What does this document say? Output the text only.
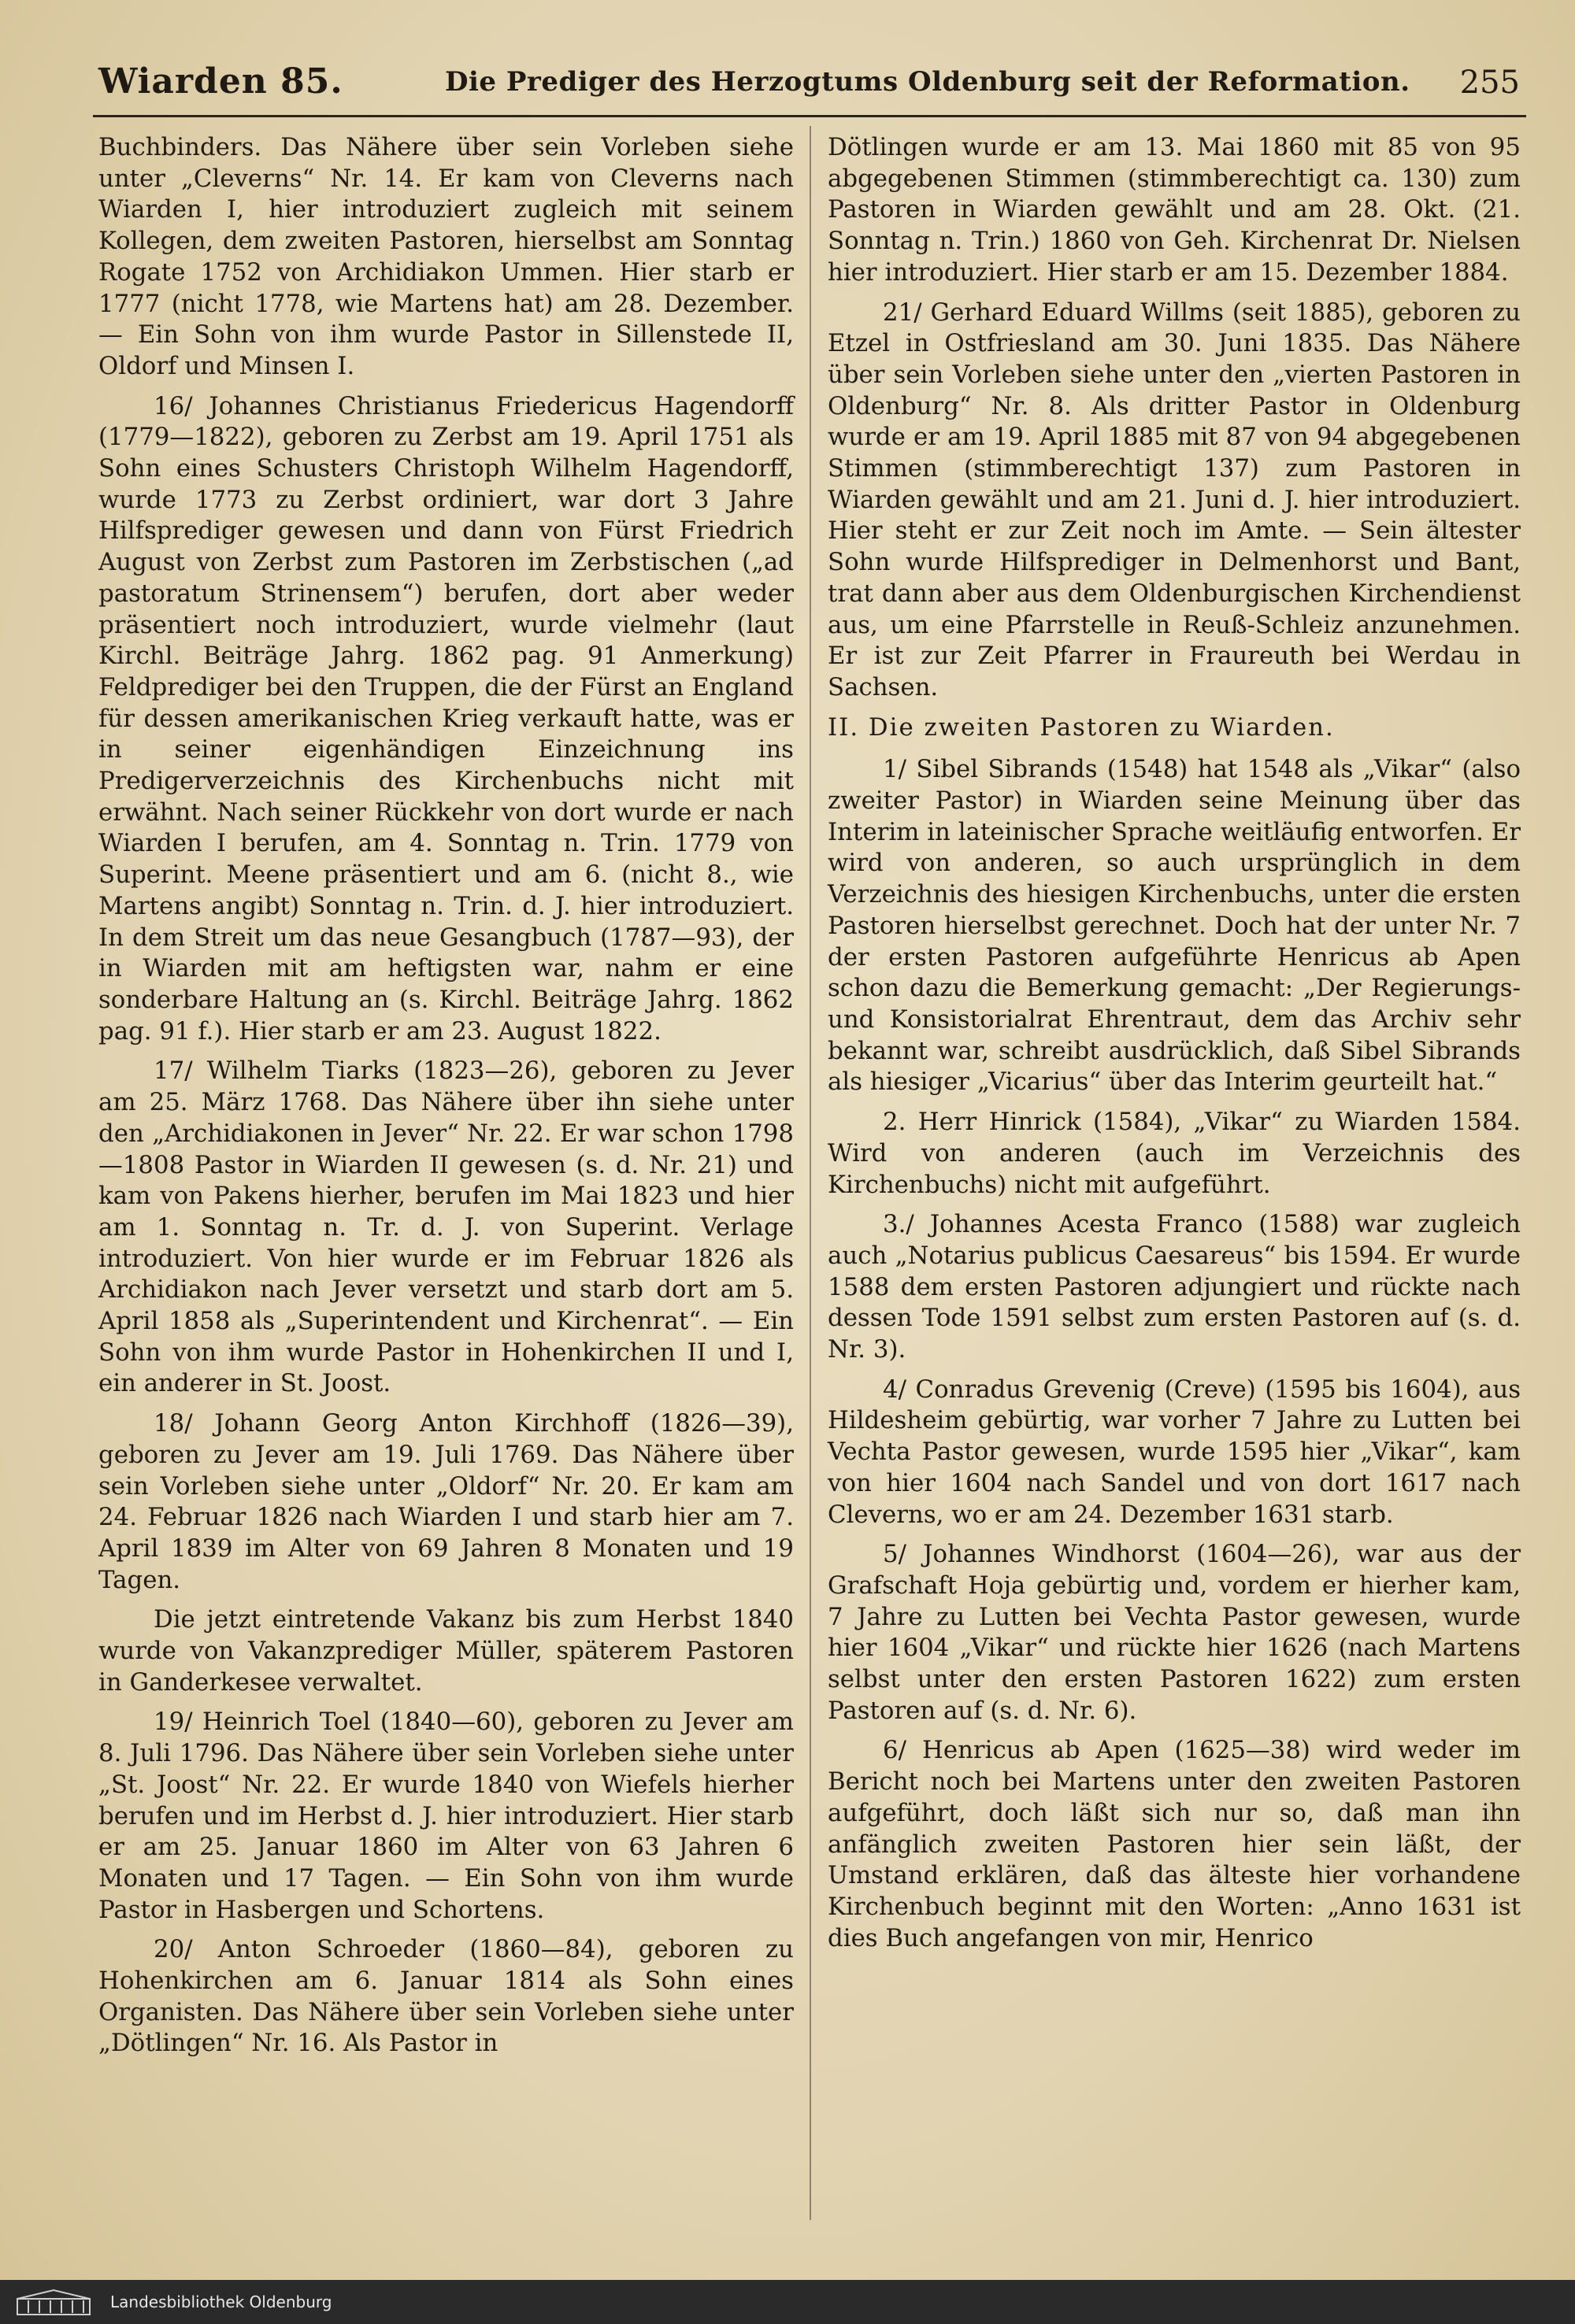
Wiarden 85.	Die Prediger des Herzogtums Oldenburg seit der Reformation. 255

Buchbinders. Das Nähere über sein Vorleben siehe unter „Cleverns“ Nr. 14. Er kam von Cleverns nach Wiarden I, hier introduziert zugleich mit seinem Kollegen, dem zweiten Pastoren, hierselbst am Sonntag Rogate 1752 von Archidiakon Ummen. Hier starb er 1777 (nicht 1778, wie Martens hat) am 28. Dezember. — Ein Sohn von ihm wurde Pastor in Sillenstede II, Oldorf und Minsen I.

16/ Johannes Christianus Friedericus Hagendorff (1779—1822), geboren zu Zerbst am 19. April 1751 als Sohn eines Schusters Christoph Wilhelm Hagendorff, wurde 1773 zu Zerbst ordiniert, war dort 3 Jahre Hilfsprediger gewesen und dann von Fürst Friedrich August von Zerbst zum Pastoren im Zerbstischen („ad pastoratum Strinensem“) berufen, dort aber weder präsentiert noch introduziert, wurde vielmehr (laut Kirchl. Beiträge Jahrg. 1862 pag. 91 Anmerkung) Feldprediger bei den Truppen, die der Fürst an England für dessen amerikanischen Krieg verkauft hatte, was er in seiner eigenhändigen Einzeichnung ins Predigerverzeichnis des Kirchenbuchs nicht mit erwähnt. Nach seiner Rückkehr von dort wurde er nach Wiarden I berufen, am 4. Sonntag n. Trin. 1779 von Superint. Meene präsentiert und am 6. (nicht 8., wie Martens angibt) Sonntag n. Trin. d. J. hier introduziert. In dem Streit um das neue Gesangbuch (1787—93), der in Wiarden mit am heftigsten war, nahm er eine sonderbare Haltung an (s. Kirchl. Beiträge Jahrg. 1862 pag. 91 f.). Hier starb er am 23. August 1822.

17/ Wilhelm Tiarks (1823—26), geboren zu Jever am 25. März 1768. Das Nähere über ihn siehe unter den „Archidiakonen in Jever“ Nr. 22. Er war schon 1798—1808 Pastor in Wiarden II gewesen (s. d. Nr. 21) und kam von Pakens hierher, berufen im Mai 1823 und hier am 1. Sonntag n. Tr. d. J. von Superint. Verlage introduziert. Von hier wurde er im Februar 1826 als Archidiakon nach Jever versetzt und starb dort am 5. April 1858 als „Superintendent und Kirchenrat“. — Ein Sohn von ihm wurde Pastor in Hohenkirchen II und I, ein anderer in St. Joost.

18/ Johann Georg Anton Kirchhoff (1826—39), geboren zu Jever am 19. Juli 1769. Das Nähere über sein Vorleben siehe unter „Oldorf“ Nr. 20. Er kam am 24. Februar 1826 nach Wiarden I und starb hier am 7. April 1839 im Alter von 69 Jahren 8 Monaten und 19 Tagen.

Die jetzt eintretende Vakanz bis zum Herbst 1840 wurde von Vakanzprediger Müller, späterem Pastoren in Ganderkesee verwaltet.

19/ Heinrich Toel (1840—60), geboren zu Jever am 8. Juli 1796. Das Nähere über sein Vorleben siehe unter „St. Joost“ Nr. 22. Er wurde 1840 von Wiefels hierher berufen und im Herbst d. J. hier introduziert. Hier starb er am 25. Januar 1860 im Alter von 63 Jahren 6 Monaten und 17 Tagen. — Ein Sohn von ihm wurde Pastor in Hasbergen und Schortens.

20/ Anton Schroeder (1860—84), geboren zu Hohenkirchen am 6. Januar 1814 als Sohn eines Organisten. Das Nähere über sein Vorleben siehe unter „Dötlingen“ Nr. 16. Als Pastor in

Dötlingen wurde er am 13. Mai 1860 mit 85 von 95 abgegebenen Stimmen (stimmberechtigt ca. 130) zum Pastoren in Wiarden gewählt und am 28. Okt. (21. Sonntag n. Trin.) 1860 von Geh. Kirchenrat Dr. Nielsen hier introduziert. Hier starb er am 15. Dezember 1884.

21/ Gerhard Eduard Willms (seit 1885), geboren zu Etzel in Ostfriesland am 30. Juni 1835. Das Nähere über sein Vorleben siehe unter den „vierten Pastoren in Oldenburg“ Nr. 8. Als dritter Pastor in Oldenburg wurde er am 19. April 1885 mit 87 von 94 abgegebenen Stimmen (stimmberechtigt 137) zum Pastoren in Wiarden gewählt und am 21. Juni d. J. hier introduziert. Hier steht er zur Zeit noch im Amte. — Sein ältester Sohn wurde Hilfsprediger in Delmenhorst und Bant, trat dann aber aus dem Oldenburgischen Kirchendienst aus, um eine Pfarrstelle in Reuß-Schleiz anzunehmen. Er ist zur Zeit Pfarrer in Fraureuth bei Werdau in Sachsen.

II. Die zweiten Pastoren zu Wiarden.

1/ Sibel Sibrands (1548) hat 1548 als „Vikar“ (also zweiter Pastor) in Wiarden seine Meinung über das Interim in lateinischer Sprache weitläufig entworfen. Er wird von anderen, so auch ursprünglich in dem Verzeichnis des hiesigen Kirchenbuchs, unter die ersten Pastoren hierselbst gerechnet. Doch hat der unter Nr. 7 der ersten Pastoren aufgeführte Henricus ab Apen schon dazu die Bemerkung gemacht: „Der Regierungs- und Konsistorialrat Ehrentraut, dem das Archiv sehr bekannt war, schreibt ausdrücklich, daß Sibel Sibrands als hiesiger „Vicarius“ über das Interim geurteilt hat.“

2. Herr Hinrick (1584), „Vikar“ zu Wiarden 1584. Wird von anderen (auch im Verzeichnis des Kirchenbuchs) nicht mit aufgeführt.

3./ Johannes Acesta Franco (1588) war zugleich auch „Notarius publicus Caesareus“ bis 1594. Er wurde 1588 dem ersten Pastoren adjungiert und rückte nach dessen Tode 1591 selbst zum ersten Pastoren auf (s. d. Nr. 3).

4/ Conradus Grevenig (Creve) (1595 bis 1604), aus Hildesheim gebürtig, war vorher 7 Jahre zu Lutten bei Vechta Pastor gewesen, wurde 1595 hier „Vikar“, kam von hier 1604 nach Sandel und von dort 1617 nach Cleverns, wo er am 24. Dezember 1631 starb.

5/ Johannes Windhorst (1604—26), war aus der Grafschaft Hoja gebürtig und, vordem er hierher kam, 7 Jahre zu Lutten bei Vechta Pastor gewesen, wurde hier 1604 „Vikar“ und rückte hier 1626 (nach Martens selbst unter den ersten Pastoren 1622) zum ersten Pastoren auf (s. d. Nr. 6).

6/ Henricus ab Apen (1625—38) wird weder im Bericht noch bei Martens unter den zweiten Pastoren aufgeführt, doch läßt sich nur so, daß man ihn anfänglich zweiten Pastoren hier sein läßt, der Umstand erklären, daß das älteste hier vorhandene Kirchenbuch beginnt mit den Worten: „Anno 1631 ist dies Buch angefangen von mir, Henrico

Landesbibliothek Oldenburg
